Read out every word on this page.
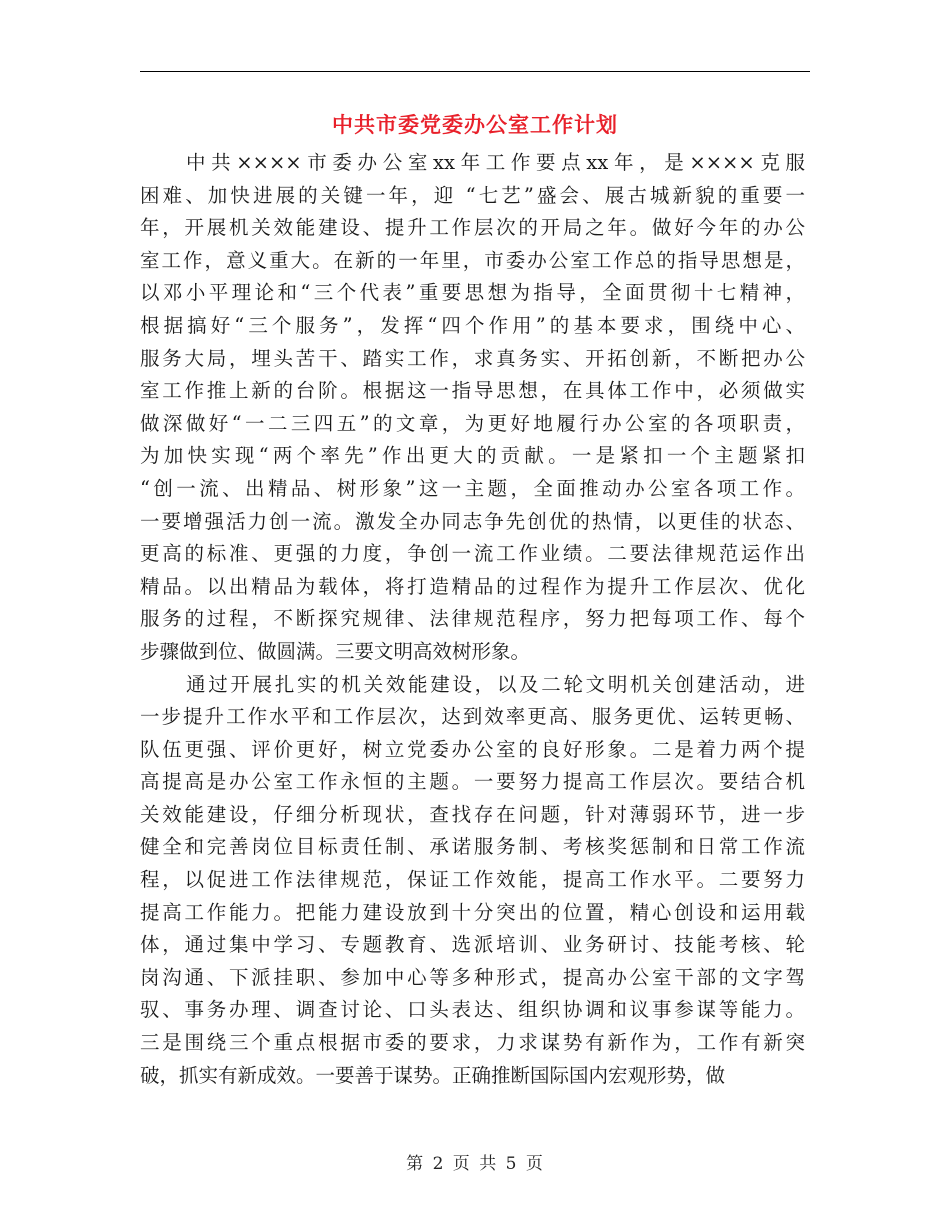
中共市委党委办公室工作计划
中共××××市委办公室xx年工作要点xx年，是××××克服
困难、加快进展的关键一年，迎 “七艺”盛会、展古城新貌的重要一
年，开展机关效能建设、提升工作层次的开局之年。做好今年的办公
室工作，意义重大。在新的一年里，市委办公室工作总的指导思想是，
以邓小平理论和“三个代表”重要思想为指导，全面贯彻十七精神，
根据搞好“三个服务”，发挥“四个作用”的基本要求，围绕中心、
服务大局，埋头苦干、踏实工作，求真务实、开拓创新，不断把办公
室工作推上新的台阶。根据这一指导思想，在具体工作中，必须做实
做深做好“一二三四五”的文章，为更好地履行办公室的各项职责，
为加快实现“两个率先”作出更大的贡献。一是紧扣一个主题紧扣
“创一流、出精品、树形象”这一主题，全面推动办公室各项工作。
一要增强活力创一流。激发全办同志争先创优的热情，以更佳的状态、
更高的标准、更强的力度，争创一流工作业绩。二要法律规范运作出
精品。以出精品为载体，将打造精品的过程作为提升工作层次、优化
服务的过程，不断探究规律、法律规范程序，努力把每项工作、每个
步骤做到位、做圆满。三要文明高效树形象。
通过开展扎实的机关效能建设，以及二轮文明机关创建活动，进
一步提升工作水平和工作层次，达到效率更高、服务更优、运转更畅、
队伍更强、评价更好，树立党委办公室的良好形象。二是着力两个提
高提高是办公室工作永恒的主题。一要努力提高工作层次。要结合机
关效能建设，仔细分析现状，查找存在问题，针对薄弱环节，进一步
健全和完善岗位目标责任制、承诺服务制、考核奖惩制和日常工作流
程，以促进工作法律规范，保证工作效能，提高工作水平。二要努力
提高工作能力。把能力建设放到十分突出的位置，精心创设和运用载
体，通过集中学习、专题教育、选派培训、业务研讨、技能考核、轮
岗沟通、下派挂职、参加中心等多种形式，提高办公室干部的文字驾
驭、事务办理、调查讨论、口头表达、组织协调和议事参谋等能力。
三是围绕三个重点根据市委的要求，力求谋势有新作为，工作有新突
破，抓实有新成效。一要善于谋势。正确推断国际国内宏观形势，做
第 2 页 共 5 页
